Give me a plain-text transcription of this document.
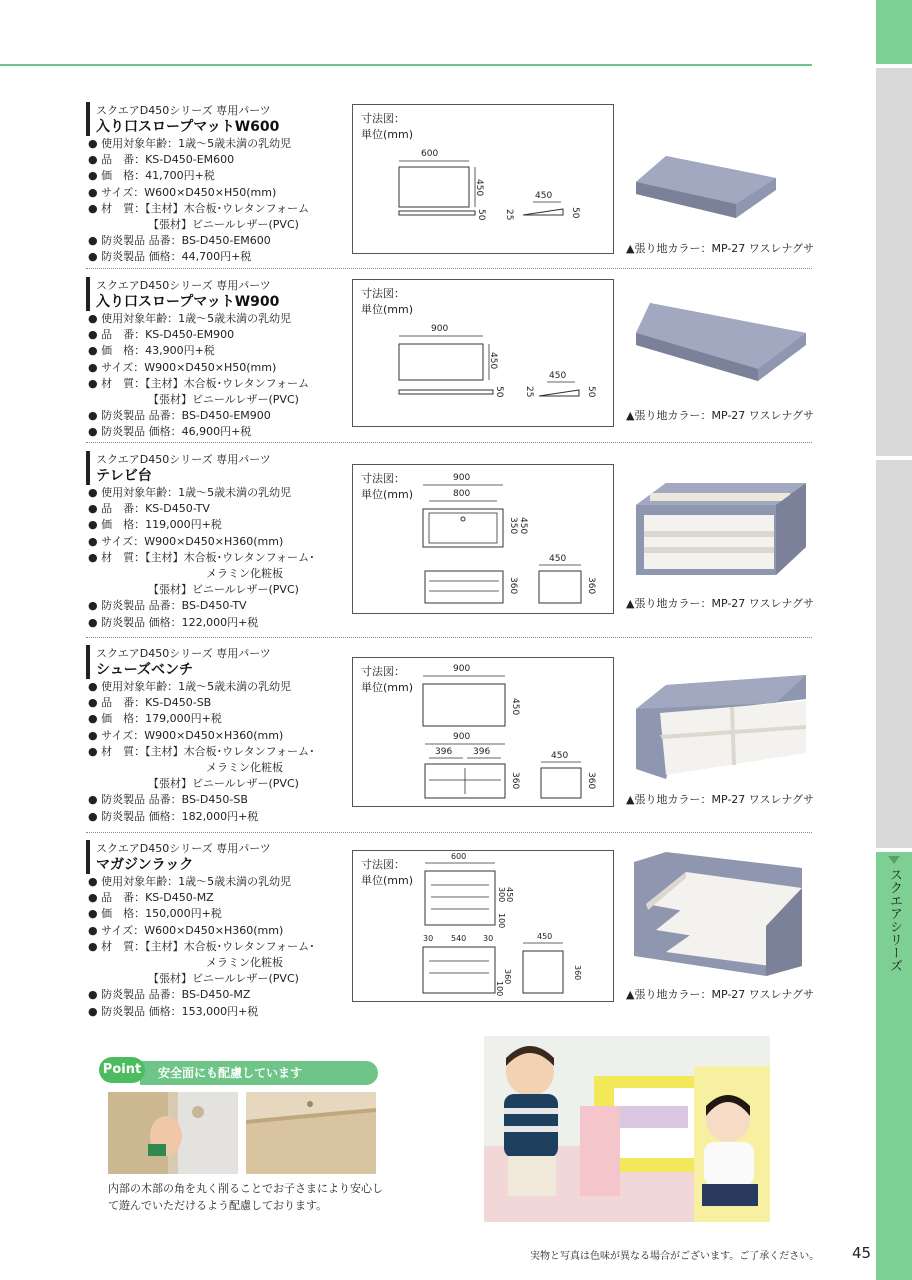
スクエアシリーズ
スクエアD450シリーズ 専用パーツ
入り口スロープマットW600
● 使用対象年齢：1歳〜5歳未満の乳幼児
● 品　番：KS-D450-EM600
● 価　格：41,700円+税
● サイズ：W600×D450×H50(mm)
● 材　質：【主材】木合板･ウレタンフォーム
【張材】ビニールレザー(PVC)
● 防炎製品 品番：BS-D450-EM600
● 防炎製品 価格：44,700円+税
寸法図：
単位(mm)
600
450
50
450
25	50
▲張り地カラー：MP-27 ワスレナグサ
スクエアD450シリーズ 専用パーツ
入り口スロープマットW900
● 使用対象年齢：1歳〜5歳未満の乳幼児
● 品　番：KS-D450-EM900
● 価　格：43,900円+税
● サイズ：W900×D450×H50(mm)
● 材　質：【主材】木合板･ウレタンフォーム
【張材】ビニールレザー(PVC)
● 防炎製品 品番：BS-D450-EM900
● 防炎製品 価格：46,900円+税
寸法図：
単位(mm)
900
450
50
450
25	50
▲張り地カラー：MP-27 ワスレナグサ
スクエアD450シリーズ 専用パーツ
テレビ台
● 使用対象年齢：1歳〜5歳未満の乳幼児
● 品　番：KS-D450-TV
● 価　格：119,000円+税
● サイズ：W900×D450×H360(mm)
● 材　質：【主材】木合板･ウレタンフォーム･
メラミン化粧板
【張材】ビニールレザー(PVC)
● 防炎製品 品番：BS-D450-TV
● 防炎製品 価格：122,000円+税
寸法図：
単位(mm)
900
800
350 450
360
450
360
▲張り地カラー：MP-27 ワスレナグサ
スクエアD450シリーズ 専用パーツ
シューズベンチ
● 使用対象年齢：1歳〜5歳未満の乳幼児
● 品　番：KS-D450-SB
● 価　格：179,000円+税
● サイズ：W900×D450×H360(mm)
● 材　質：【主材】木合板･ウレタンフォーム･
メラミン化粧板
【張材】ビニールレザー(PVC)
● 防炎製品 品番：BS-D450-SB
● 防炎製品 価格：182,000円+税
寸法図：
単位(mm)
900
450
900
396 396
360
450
360
▲張り地カラー：MP-27 ワスレナグサ
スクエアD450シリーズ 専用パーツ
マガジンラック
● 使用対象年齢：1歳〜5歳未満の乳幼児
● 品　番：KS-D450-MZ
● 価　格：150,000円+税
● サイズ：W600×D450×H360(mm)
● 材　質：【主材】木合板･ウレタンフォーム･
メラミン化粧板
【張材】ビニールレザー(PVC)
● 防炎製品 品番：BS-D450-MZ
● 防炎製品 価格：153,000円+税
寸法図：
単位(mm)
600
300 450
100
30 540 30
360
100
450
360
▲張り地カラー：MP-27 ワスレナグサ
安全面にも配慮しています
Point
内部の木部の角を丸く削ることでお子さまにより安心して遊んでいただけるよう配慮しております。
実物と写真は色味が異なる場合がございます。ご了承ください。 45
